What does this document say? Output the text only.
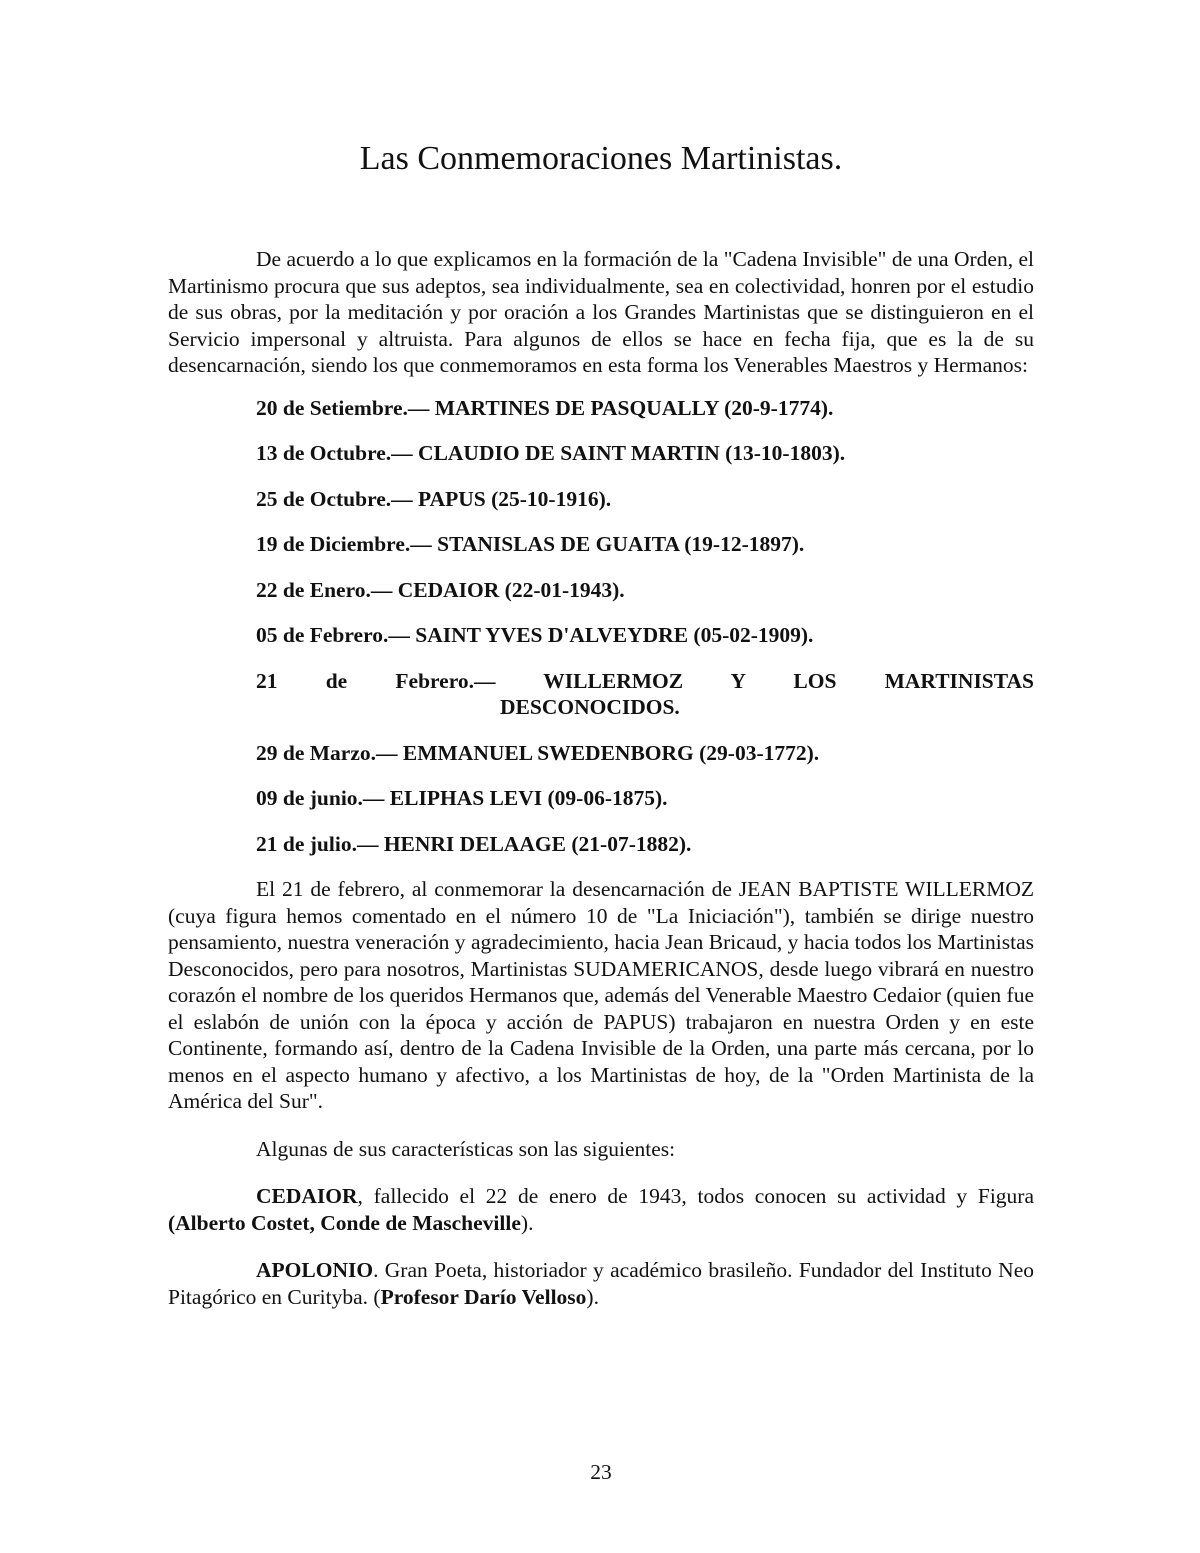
Las Conmemoraciones Martinistas.

De acuerdo a lo que explicamos en la formación de la "Cadena Invisible" de una Orden, el Martinismo procura que sus adeptos, sea individualmente, sea en colectividad, honren por el estudio de sus obras, por la meditación y por oración a los Grandes Martinistas que se distinguieron en el Servicio impersonal y altruista. Para algunos de ellos se hace en fecha fija, que es la de su desencarnación, siendo los que conmemoramos en esta forma los Venerables Maestros y Hermanos:

20 de Setiembre.— MARTINES DE PASQUALLY (20-9-1774).
13 de Octubre.— CLAUDIO DE SAINT MARTIN (13-10-1803).
25 de Octubre.— PAPUS (25-10-1916).
19 de Diciembre.— STANISLAS DE GUAITA (19-12-1897).
22 de Enero.— CEDAIOR (22-01-1943).
05 de Febrero.— SAINT YVES D'ALVEYDRE (05-02-1909).
21 de Febrero.— WILLERMOZ Y LOS MARTINISTAS
DESCONOCIDOS.
29 de Marzo.— EMMANUEL SWEDENBORG (29-03-1772).
09 de junio.— ELIPHAS LEVI (09-06-1875).
21 de julio.— HENRI DELAAGE (21-07-1882).

El 21 de febrero, al conmemorar la desencarnación de JEAN BAPTISTE WILLERMOZ (cuya figura hemos comentado en el número 10 de "La Iniciación"), también se dirige nuestro pensamiento, nuestra veneración y agradecimiento, hacia Jean Bricaud, y hacia todos los Martinistas Desconocidos, pero para nosotros, Martinistas SUDAMERICANOS, desde luego vibrará en nuestro corazón el nombre de los queridos Hermanos que, además del Venerable Maestro Cedaior (quien fue el eslabón de unión con la época y acción de PAPUS) trabajaron en nuestra Orden y en este Continente, formando así, dentro de la Cadena Invisible de la Orden, una parte más cercana, por lo menos en el aspecto humano y afectivo, a los Martinistas de hoy, de la "Orden Martinista de la América del Sur".

Algunas de sus características son las siguientes:

CEDAIOR, fallecido el 22 de enero de 1943, todos conocen su actividad y Figura (Alberto Costet, Conde de Mascheville).

APOLONIO. Gran Poeta, historiador y académico brasileño. Fundador del Instituto Neo Pitagórico en Curityba. (Profesor Darío Velloso).

23
